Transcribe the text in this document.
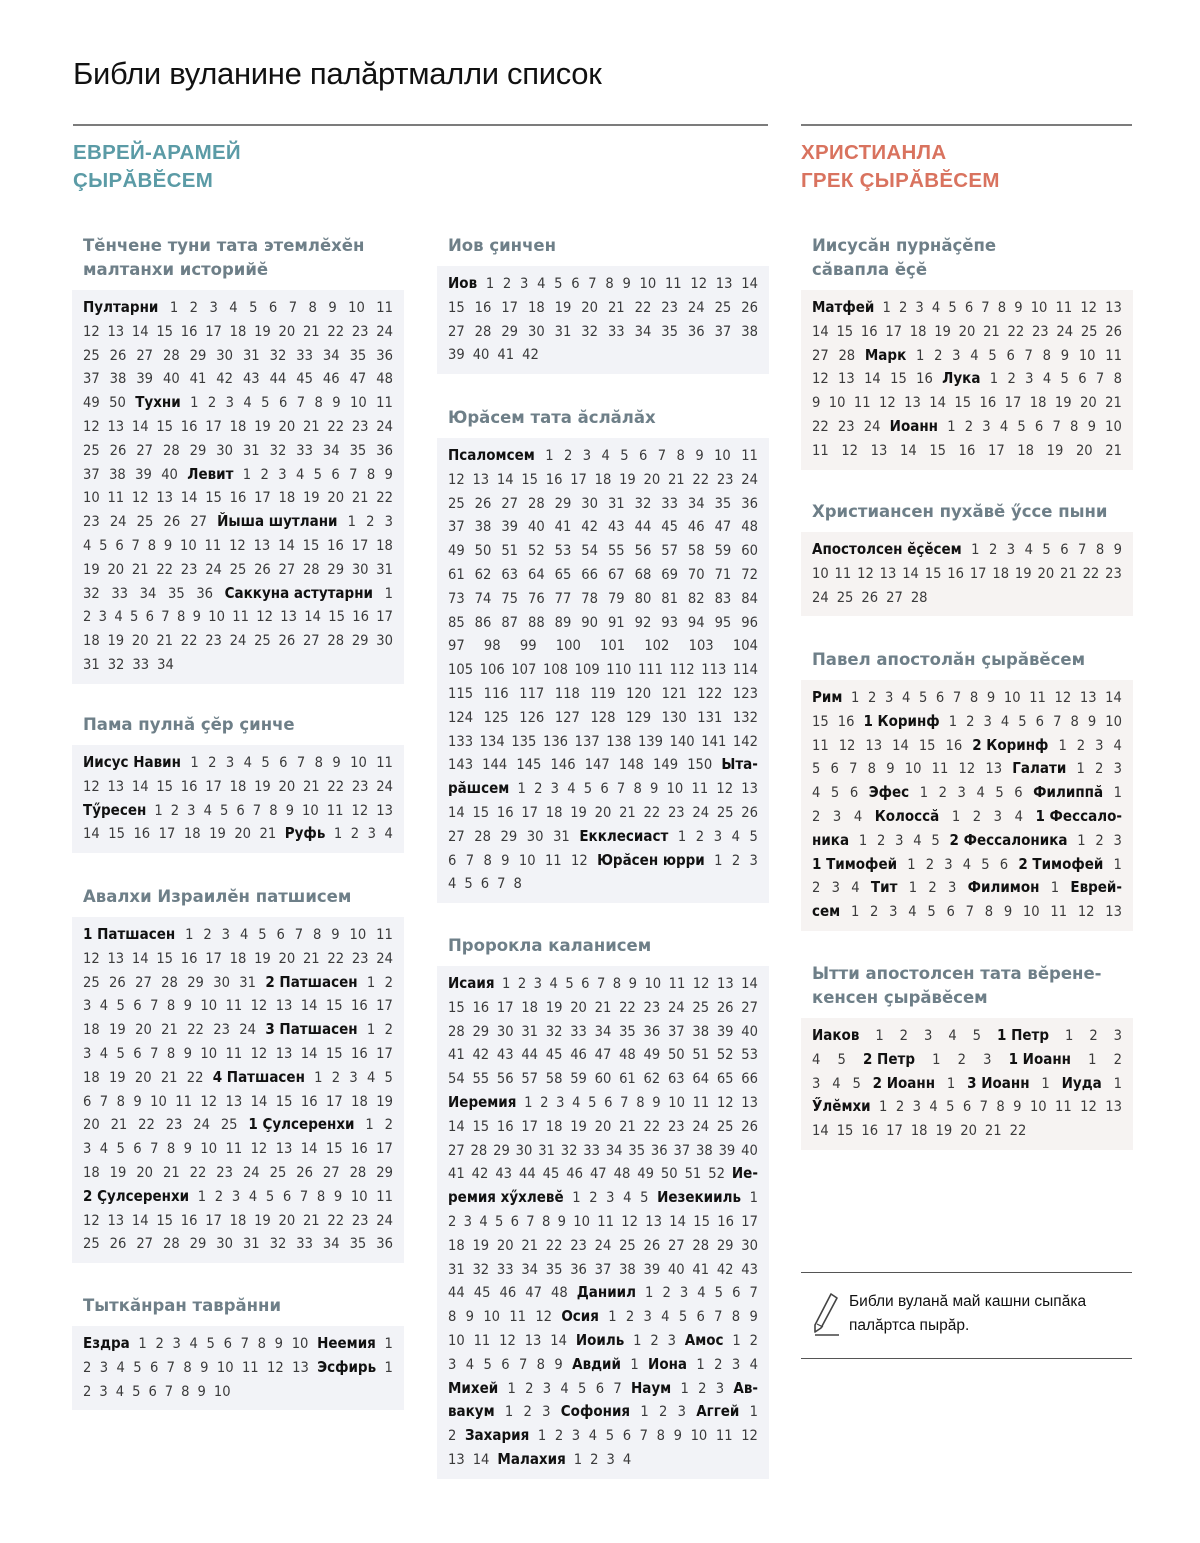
Библи вуланине палăртмалли список
ЕВРЕЙ-АРАМЕЙ
ÇЫРĂВĔСЕМ
ХРИСТИАНЛА
ГРЕК ÇЫРĂВĔСЕМ
Тĕнчене туни тата этемлĕхĕн
малтанхи историйĕ
Пултарни 1 2 3 4 5 6 7 8 9 10 11
12 13 14 15 16 17 18 19 20 21 22 23 24
25 26 27 28 29 30 31 32 33 34 35 36
37 38 39 40 41 42 43 44 45 46 47 48
49 50 Тухни 1 2 3 4 5 6 7 8 9 10 11
12 13 14 15 16 17 18 19 20 21 22 23 24
25 26 27 28 29 30 31 32 33 34 35 36
37 38 39 40 Левит 1 2 3 4 5 6 7 8 9
10 11 12 13 14 15 16 17 18 19 20 21 22
23 24 25 26 27 Йыша шутлани 1 2 3
4 5 6 7 8 9 10 11 12 13 14 15 16 17 18
19 20 21 22 23 24 25 26 27 28 29 30 31
32 33 34 35 36 Саккуна астутарни 1
2 3 4 5 6 7 8 9 10 11 12 13 14 15 16 17
18 19 20 21 22 23 24 25 26 27 28 29 30
31 32 33 34
Пама пулнă çĕр çинче
Иисус Навин 1 2 3 4 5 6 7 8 9 10 11
12 13 14 15 16 17 18 19 20 21 22 23 24
Тӳресен 1 2 3 4 5 6 7 8 9 10 11 12 13
14 15 16 17 18 19 20 21 Руфь 1 2 3 4
Авалхи Израилĕн патшисем
1 Патшасен 1 2 3 4 5 6 7 8 9 10 11
12 13 14 15 16 17 18 19 20 21 22 23 24
25 26 27 28 29 30 31 2 Патшасен 1 2
3 4 5 6 7 8 9 10 11 12 13 14 15 16 17
18 19 20 21 22 23 24 3 Патшасен 1 2
3 4 5 6 7 8 9 10 11 12 13 14 15 16 17
18 19 20 21 22 4 Патшасен 1 2 3 4 5
6 7 8 9 10 11 12 13 14 15 16 17 18 19
20 21 22 23 24 25 1 Çулсеренхи 1 2
3 4 5 6 7 8 9 10 11 12 13 14 15 16 17
18 19 20 21 22 23 24 25 26 27 28 29
2 Çулсеренхи 1 2 3 4 5 6 7 8 9 10 11
12 13 14 15 16 17 18 19 20 21 22 23 24
25 26 27 28 29 30 31 32 33 34 35 36
Тыткăнран таврăнни
Ездра 1 2 3 4 5 6 7 8 9 10 Неемия 1
2 3 4 5 6 7 8 9 10 11 12 13 Эсфирь 1
2 3 4 5 6 7 8 9 10
Иов çинчен
Иов 1 2 3 4 5 6 7 8 9 10 11 12 13 14
15 16 17 18 19 20 21 22 23 24 25 26
27 28 29 30 31 32 33 34 35 36 37 38
39 40 41 42
Юрăсем тата ăслăлăх
Псаломсем 1 2 3 4 5 6 7 8 9 10 11
12 13 14 15 16 17 18 19 20 21 22 23 24
25 26 27 28 29 30 31 32 33 34 35 36
37 38 39 40 41 42 43 44 45 46 47 48
49 50 51 52 53 54 55 56 57 58 59 60
61 62 63 64 65 66 67 68 69 70 71 72
73 74 75 76 77 78 79 80 81 82 83 84
85 86 87 88 89 90 91 92 93 94 95 96
97 98 99 100 101 102 103 104
105 106 107 108 109 110 111 112 113 114
115 116 117 118 119 120 121 122 123
124 125 126 127 128 129 130 131 132
133 134 135 136 137 138 139 140 141 142
143 144 145 146 147 148 149 150 Ыта-
рăшсем 1 2 3 4 5 6 7 8 9 10 11 12 13
14 15 16 17 18 19 20 21 22 23 24 25 26
27 28 29 30 31 Екклесиаст 1 2 3 4 5
6 7 8 9 10 11 12 Юрăсен юрри 1 2 3
4 5 6 7 8
Пророкла каланисем
Исаия 1 2 3 4 5 6 7 8 9 10 11 12 13 14
15 16 17 18 19 20 21 22 23 24 25 26 27
28 29 30 31 32 33 34 35 36 37 38 39 40
41 42 43 44 45 46 47 48 49 50 51 52 53
54 55 56 57 58 59 60 61 62 63 64 65 66
Иеремия 1 2 3 4 5 6 7 8 9 10 11 12 13
14 15 16 17 18 19 20 21 22 23 24 25 26
27 28 29 30 31 32 33 34 35 36 37 38 39 40
41 42 43 44 45 46 47 48 49 50 51 52 Ие-
ремия хӳхлевĕ 1 2 3 4 5 Иезекииль 1
2 3 4 5 6 7 8 9 10 11 12 13 14 15 16 17
18 19 20 21 22 23 24 25 26 27 28 29 30
31 32 33 34 35 36 37 38 39 40 41 42 43
44 45 46 47 48 Даниил 1 2 3 4 5 6 7
8 9 10 11 12 Осия 1 2 3 4 5 6 7 8 9
10 11 12 13 14 Иоиль 1 2 3 Амос 1 2
3 4 5 6 7 8 9 Авдий 1 Иона 1 2 3 4
Михей 1 2 3 4 5 6 7 Наум 1 2 3 Ав-
вакум 1 2 3 Софония 1 2 3 Аггей 1
2 Захария 1 2 3 4 5 6 7 8 9 10 11 12
13 14 Малахия 1 2 3 4
Иисусăн пурнăçĕпе
сăвапла ĕçĕ
Матфей 1 2 3 4 5 6 7 8 9 10 11 12 13
14 15 16 17 18 19 20 21 22 23 24 25 26
27 28 Марк 1 2 3 4 5 6 7 8 9 10 11
12 13 14 15 16 Лука 1 2 3 4 5 6 7 8
9 10 11 12 13 14 15 16 17 18 19 20 21
22 23 24 Иоанн 1 2 3 4 5 6 7 8 9 10
11 12 13 14 15 16 17 18 19 20 21
Христиансен пухăвĕ ӳссе пыни
Апостолсен ĕçĕсем 1 2 3 4 5 6 7 8 9
10 11 12 13 14 15 16 17 18 19 20 21 22 23
24 25 26 27 28
Павел апостолăн çырăвĕсем
Рим 1 2 3 4 5 6 7 8 9 10 11 12 13 14
15 16 1 Коринф 1 2 3 4 5 6 7 8 9 10
11 12 13 14 15 16 2 Коринф 1 2 3 4
5 6 7 8 9 10 11 12 13 Галати 1 2 3
4 5 6 Эфес 1 2 3 4 5 6 Филиппă 1
2 3 4 Колоссă 1 2 3 4 1 Фессало-
ника 1 2 3 4 5 2 Фессалоника 1 2 3
1 Тимофей 1 2 3 4 5 6 2 Тимофей 1
2 3 4 Тит 1 2 3 Филимон 1 Еврей-
сем 1 2 3 4 5 6 7 8 9 10 11 12 13
Ытти апостолсен тата вĕрене-
кенсен çырăвĕсем
Иаков 1 2 3 4 5 1 Петр 1 2 3
4 5 2 Петр 1 2 3 1 Иоанн 1 2
3 4 5 2 Иоанн 1 3 Иоанн 1 Иуда 1
Ӳлĕмхи 1 2 3 4 5 6 7 8 9 10 11 12 13
14 15 16 17 18 19 20 21 22
Библи вуланă май кашни сыпăка
палăртса пырăр.
